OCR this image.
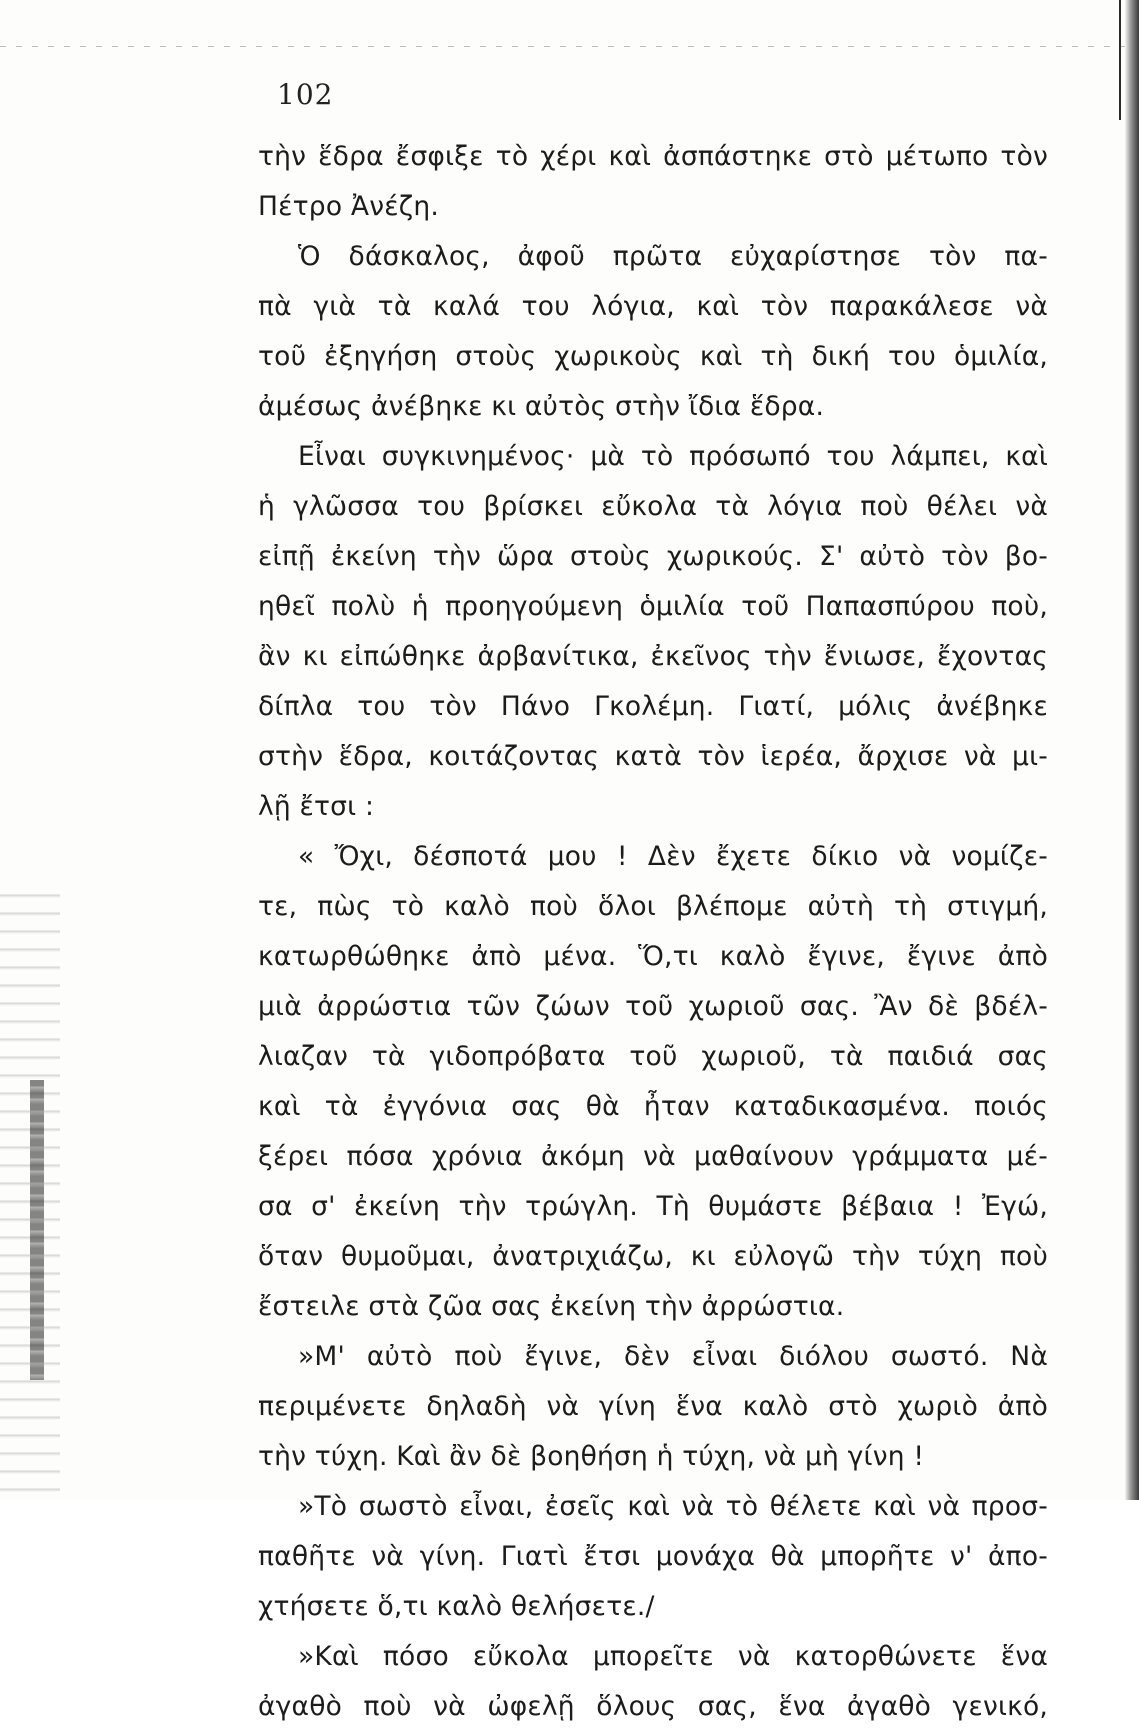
102
τὴν ἕδρα ἔσφιξε τὸ χέρι καὶ ἀσπάστηκε στὸ μέτωπο τὸν
Πέτρο Ἀνέζη.
Ὁ δάσκαλος, ἀφοῦ πρῶτα εὐχαρίστησε τὸν πα-
πὰ γιὰ τὰ καλά του λόγια, καὶ τὸν παρακάλεσε νὰ
τοῦ ἐξηγήση στοὺς χωρικοὺς καὶ τὴ δική του ὁμιλία,
ἀμέσως ἀνέβηκε κι αὐτὸς στὴν ἴδια ἕδρα.
Εἶναι συγκινημένος· μὰ τὸ πρόσωπό του λάμπει, καὶ
ἡ γλῶσσα του βρίσκει εὔκολα τὰ λόγια ποὺ θέλει νὰ
εἰπῇ ἐκείνη τὴν ὥρα στοὺς χωρικούς. Σ' αὐτὸ τὸν βο-
ηθεῖ πολὺ ἡ προηγούμενη ὁμιλία τοῦ Παπασπύρου ποὺ,
ἂν κι εἰπώθηκε ἀρβανίτικα, ἐκεῖνος τὴν ἔνιωσε, ἔχοντας
δίπλα του τὸν Πάνο Γκολέμη. Γιατί, μόλις ἀνέβηκε
στὴν ἕδρα, κοιτάζοντας κατὰ τὸν ἱερέα, ἄρχισε νὰ μι-
λῇ ἔτσι :
« Ὄχι, δέσποτά μου ! Δὲν ἔχετε δίκιο νὰ νομίζε-
τε, πὼς τὸ καλὸ ποὺ ὅλοι βλέπομε αὐτὴ τὴ στιγμή,
κατωρθώθηκε ἀπὸ μένα. Ὅ,τι καλὸ ἔγινε, ἔγινε ἀπὸ
μιὰ ἀρρώστια τῶν ζώων τοῦ χωριοῦ σας. Ἂν δὲ βδέλ-
λιαζαν τὰ γιδοπρόβατα τοῦ χωριοῦ, τὰ παιδιά σας
καὶ τὰ ἐγγόνια σας θὰ ἦταν καταδικασμένα. ποιός
ξέρει πόσα χρόνια ἀκόμη νὰ μαθαίνουν γράμματα μέ-
σα σ' ἐκείνη τὴν τρώγλη. Τὴ θυμάστε βέβαια ! Ἐγώ,
ὅταν θυμοῦμαι, ἀνατριχιάζω, κι εὐλογῶ τὴν τύχη ποὺ
ἔστειλε στὰ ζῶα σας ἐκείνη τὴν ἀρρώστια.
»Μ' αὐτὸ ποὺ ἔγινε, δὲν εἶναι διόλου σωστό. Νὰ
περιμένετε δηλαδὴ νὰ γίνη ἕνα καλὸ στὸ χωριὸ ἀπὸ
τὴν τύχη. Καὶ ἂν δὲ βοηθήση ἡ τύχη, νὰ μὴ γίνη !
»Τὸ σωστὸ εἶναι, ἐσεῖς καὶ νὰ τὸ θέλετε καὶ νὰ προσ-
παθῆτε νὰ γίνη. Γιατὶ ἔτσι μονάχα θὰ μπορῆτε ν' ἀπο-
χτήσετε ὅ,τι καλὸ θελήσετε./
»Καὶ πόσο εὔκολα μπορεῖτε νὰ κατορθώνετε ἕνα
ἀγαθὸ ποὺ νὰ ὠφελῇ ὅλους σας, ἕνα ἀγαθὸ γενικό,
